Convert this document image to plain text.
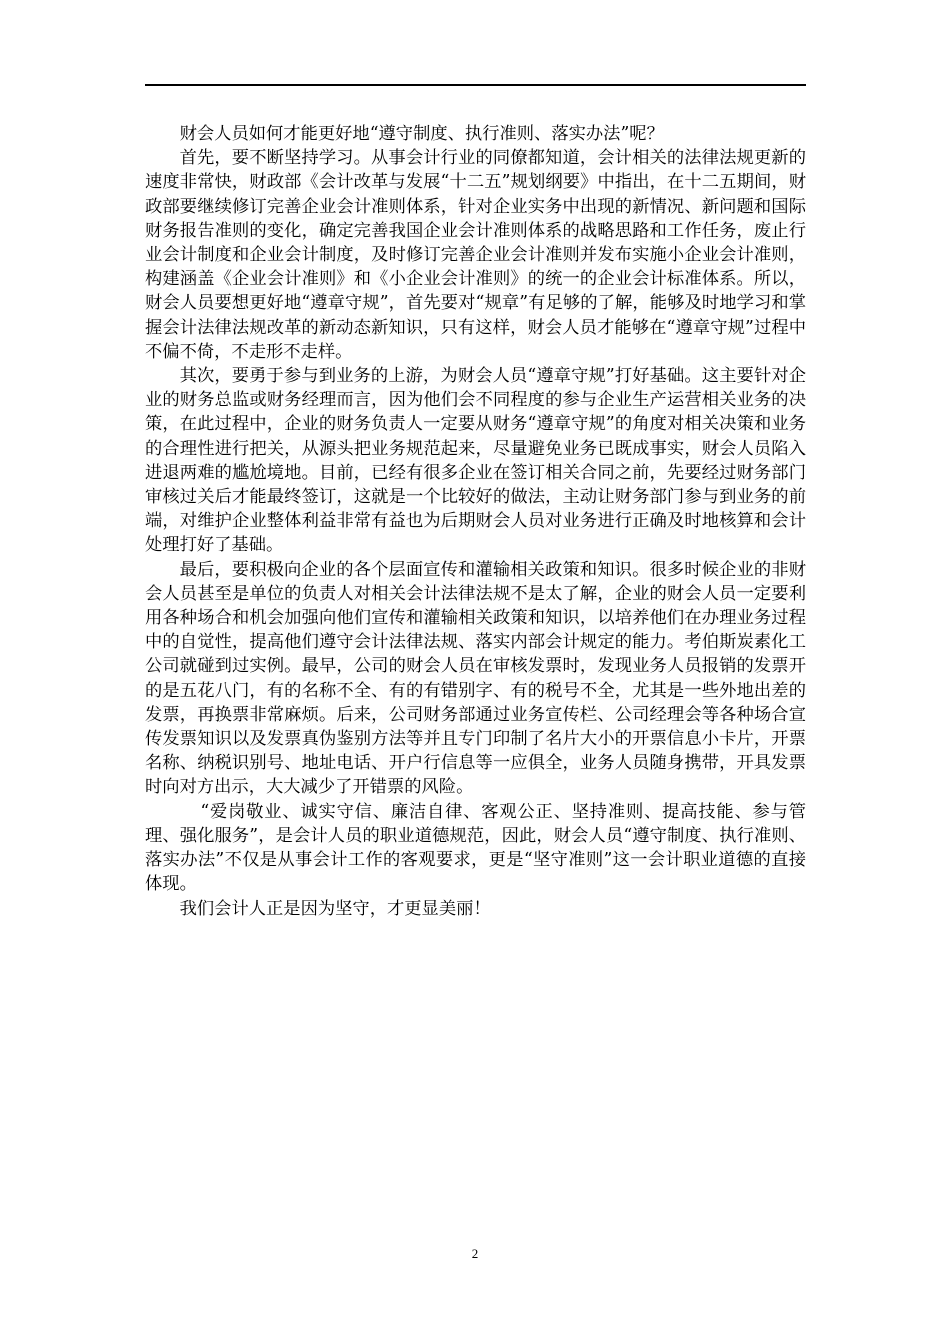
财会人员如何才能更好地“遵守制度、执行准则、落实办法”呢？

首先，要不断坚持学习。从事会计行业的同僚都知道，会计相关的法律法规更新的速度非常快，财政部《会计改革与发展“十二五”规划纲要》中指出，在十二五期间，财政部要继续修订完善企业会计准则体系，针对企业实务中出现的新情况、新问题和国际财务报告准则的变化，确定完善我国企业会计准则体系的战略思路和工作任务，废止行业会计制度和企业会计制度，及时修订完善企业会计准则并发布实施小企业会计准则，构建涵盖《企业会计准则》和《小企业会计准则》的统一的企业会计标准体系。所以，财会人员要想更好地“遵章守规”，首先要对“规章”有足够的了解，能够及时地学习和掌握会计法律法规改革的新动态新知识，只有这样，财会人员才能够在“遵章守规”过程中不偏不倚，不走形不走样。

其次，要勇于参与到业务的上游，为财会人员“遵章守规”打好基础。这主要针对企业的财务总监或财务经理而言，因为他们会不同程度的参与企业生产运营相关业务的决策，在此过程中，企业的财务负责人一定要从财务“遵章守规”的角度对相关决策和业务的合理性进行把关，从源头把业务规范起来，尽量避免业务已既成事实，财会人员陷入进退两难的尴尬境地。目前，已经有很多企业在签订相关合同之前，先要经过财务部门审核过关后才能最终签订，这就是一个比较好的做法，主动让财务部门参与到业务的前端，对维护企业整体利益非常有益也为后期财会人员对业务进行正确及时地核算和会计处理打好了基础。

最后，要积极向企业的各个层面宣传和灌输相关政策和知识。很多时候企业的非财会人员甚至是单位的负责人对相关会计法律法规不是太了解，企业的财会人员一定要利用各种场合和机会加强向他们宣传和灌输相关政策和知识，以培养他们在办理业务过程中的自觉性，提高他们遵守会计法律法规、落实内部会计规定的能力。考伯斯炭素化工公司就碰到过实例。最早，公司的财会人员在审核发票时，发现业务人员报销的发票开的是五花八门，有的名称不全、有的有错别字、有的税号不全，尤其是一些外地出差的发票，再换票非常麻烦。后来，公司财务部通过业务宣传栏、公司经理会等各种场合宣传发票知识以及发票真伪鉴别方法等并且专门印制了名片大小的开票信息小卡片，开票名称、纳税识别号、地址电话、开户行信息等一应俱全，业务人员随身携带，开具发票时向对方出示，大大减少了开错票的风险。

“爱岗敬业、诚实守信、廉洁自律、客观公正、坚持准则、提高技能、参与管理、强化服务”，是会计人员的职业道德规范，因此，财会人员“遵守制度、执行准则、落实办法”不仅是从事会计工作的客观要求，更是“坚守准则”这一会计职业道德的直接体现。

我们会计人正是因为坚守，才更显美丽！

2
